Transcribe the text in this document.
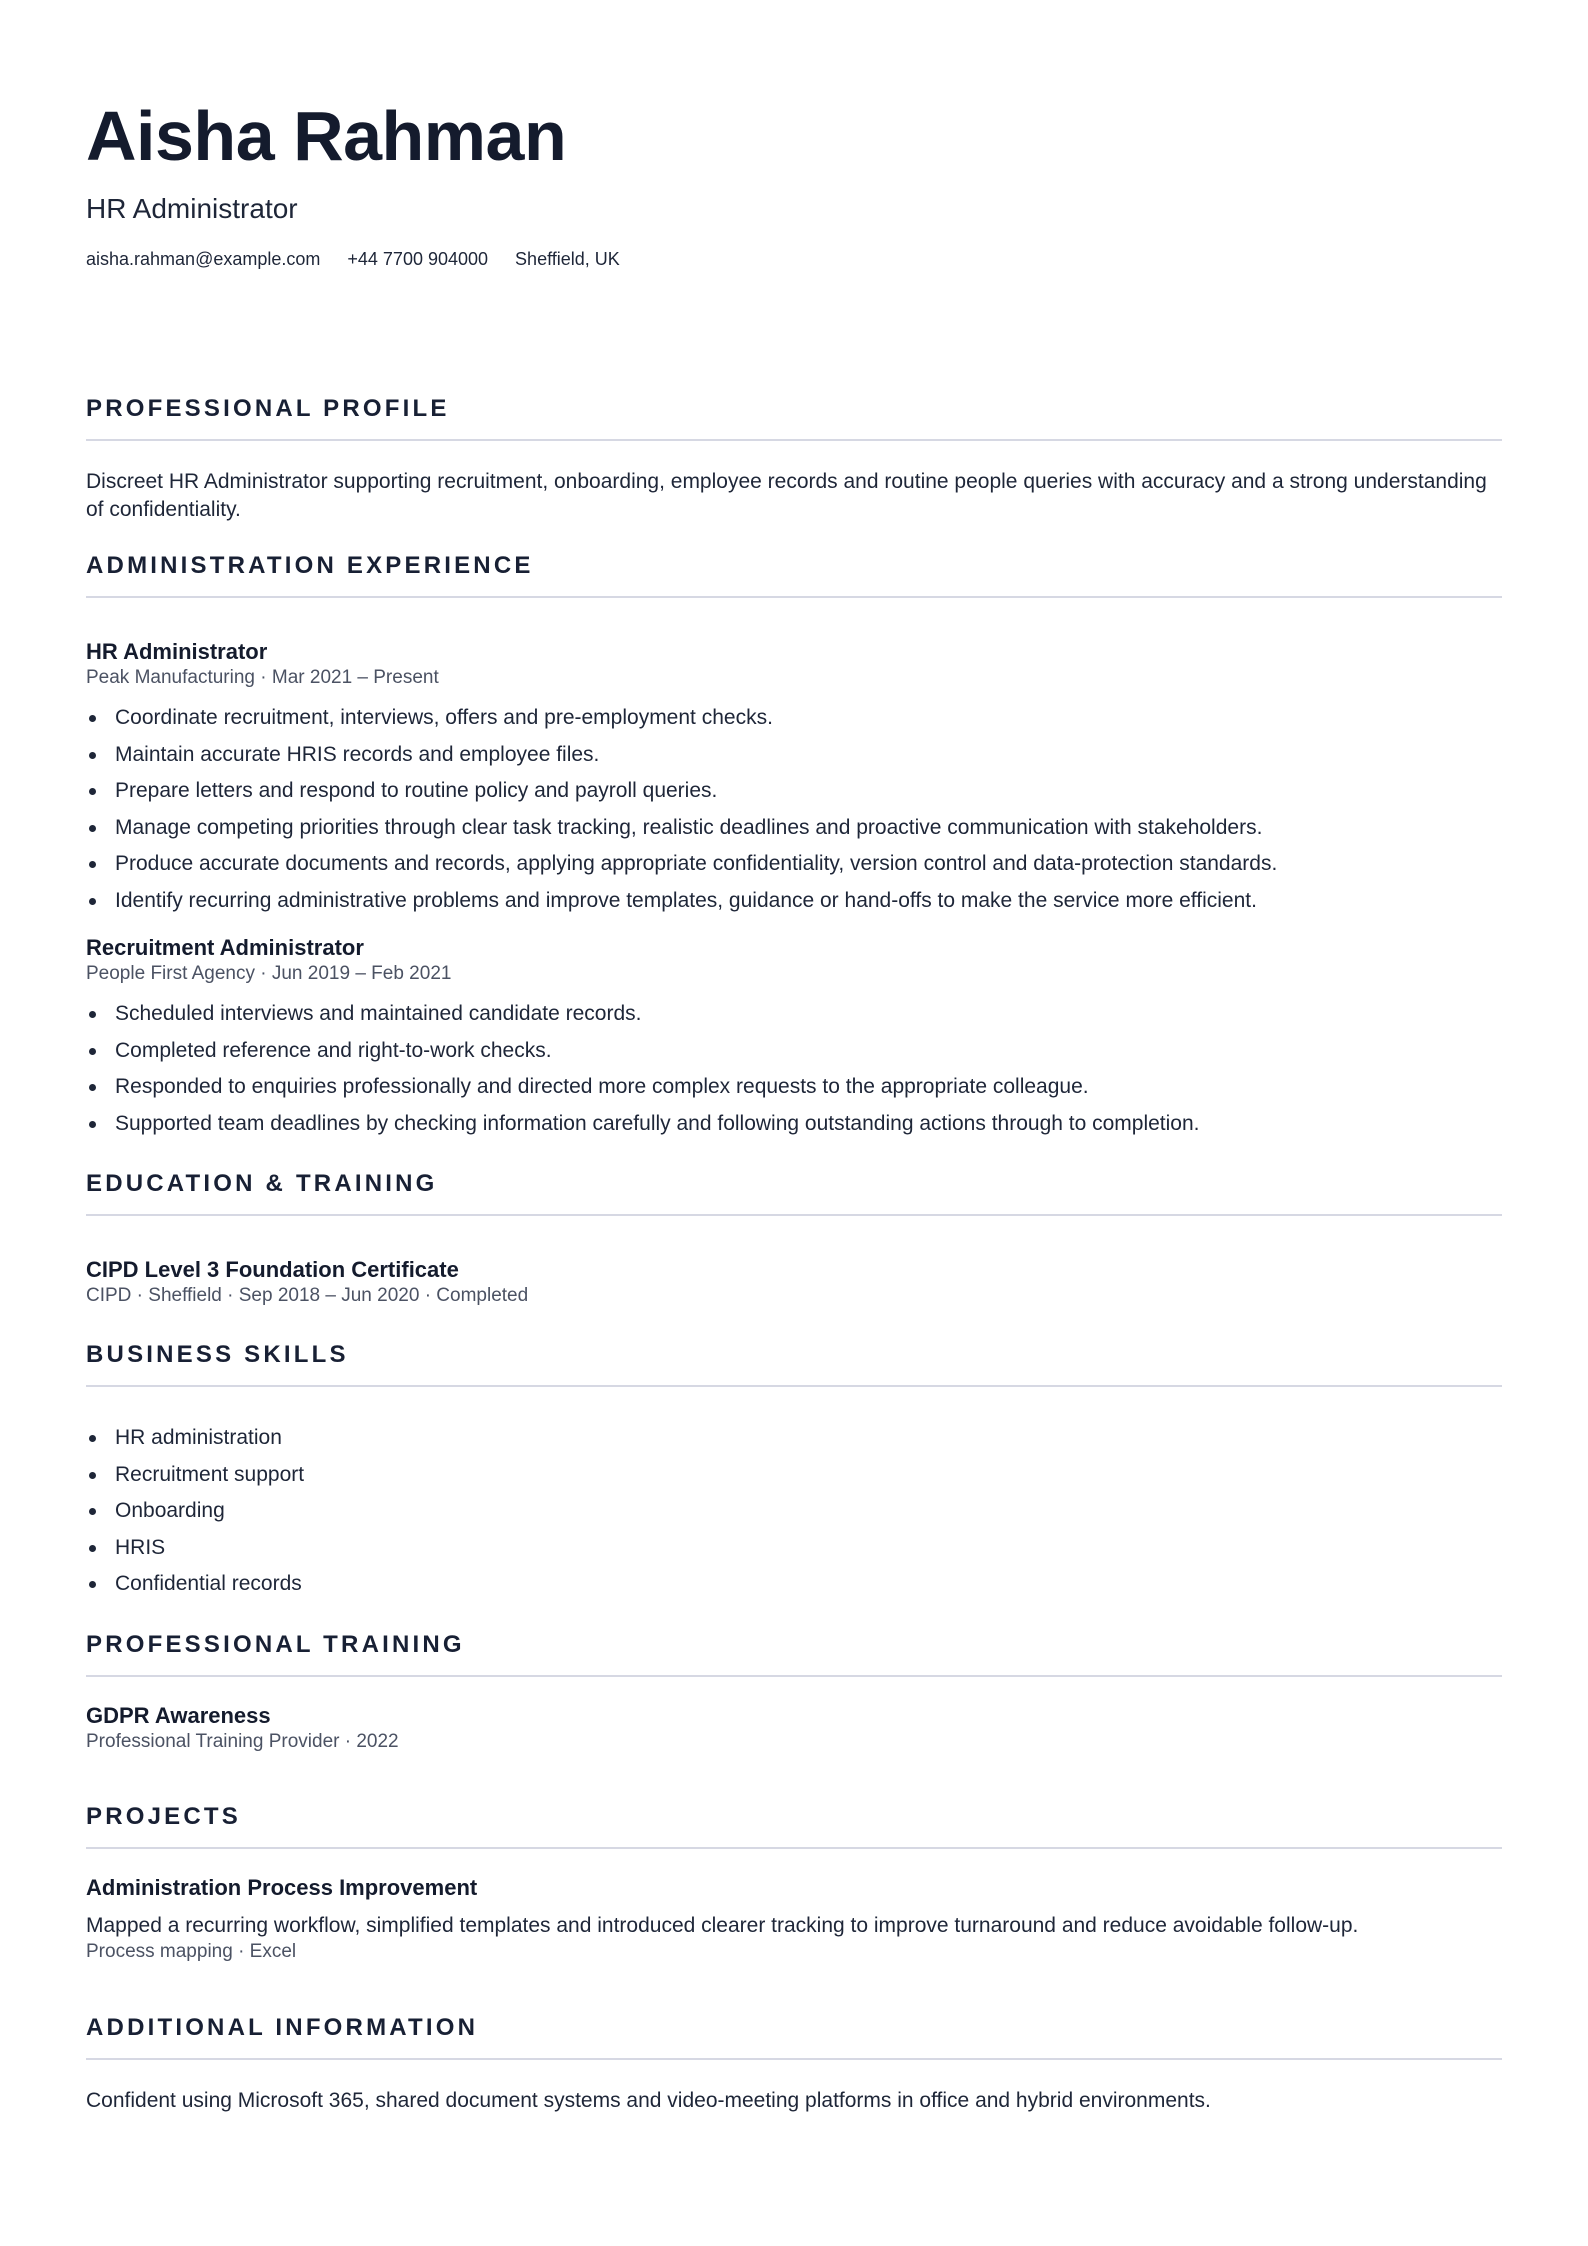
Aisha Rahman
HR Administrator
aisha.rahman@example.com +44 7700 904000 Sheffield, UK
PROFESSIONAL PROFILE
Discreet HR Administrator supporting recruitment, onboarding, employee records and routine people queries with accuracy and a strong understanding of confidentiality.
ADMINISTRATION EXPERIENCE
HR Administrator
Peak Manufacturing · Mar 2021 – Present
Coordinate recruitment, interviews, offers and pre-employment checks.
Maintain accurate HRIS records and employee files.
Prepare letters and respond to routine policy and payroll queries.
Manage competing priorities through clear task tracking, realistic deadlines and proactive communication with stakeholders.
Produce accurate documents and records, applying appropriate confidentiality, version control and data-protection standards.
Identify recurring administrative problems and improve templates, guidance or hand-offs to make the service more efficient.
Recruitment Administrator
People First Agency · Jun 2019 – Feb 2021
Scheduled interviews and maintained candidate records.
Completed reference and right-to-work checks.
Responded to enquiries professionally and directed more complex requests to the appropriate colleague.
Supported team deadlines by checking information carefully and following outstanding actions through to completion.
EDUCATION & TRAINING
CIPD Level 3 Foundation Certificate
CIPD · Sheffield · Sep 2018 – Jun 2020 · Completed
BUSINESS SKILLS
HR administration
Recruitment support
Onboarding
HRIS
Confidential records
PROFESSIONAL TRAINING
GDPR Awareness
Professional Training Provider · 2022
PROJECTS
Administration Process Improvement
Mapped a recurring workflow, simplified templates and introduced clearer tracking to improve turnaround and reduce avoidable follow-up.
Process mapping · Excel
ADDITIONAL INFORMATION
Confident using Microsoft 365, shared document systems and video-meeting platforms in office and hybrid environments.
